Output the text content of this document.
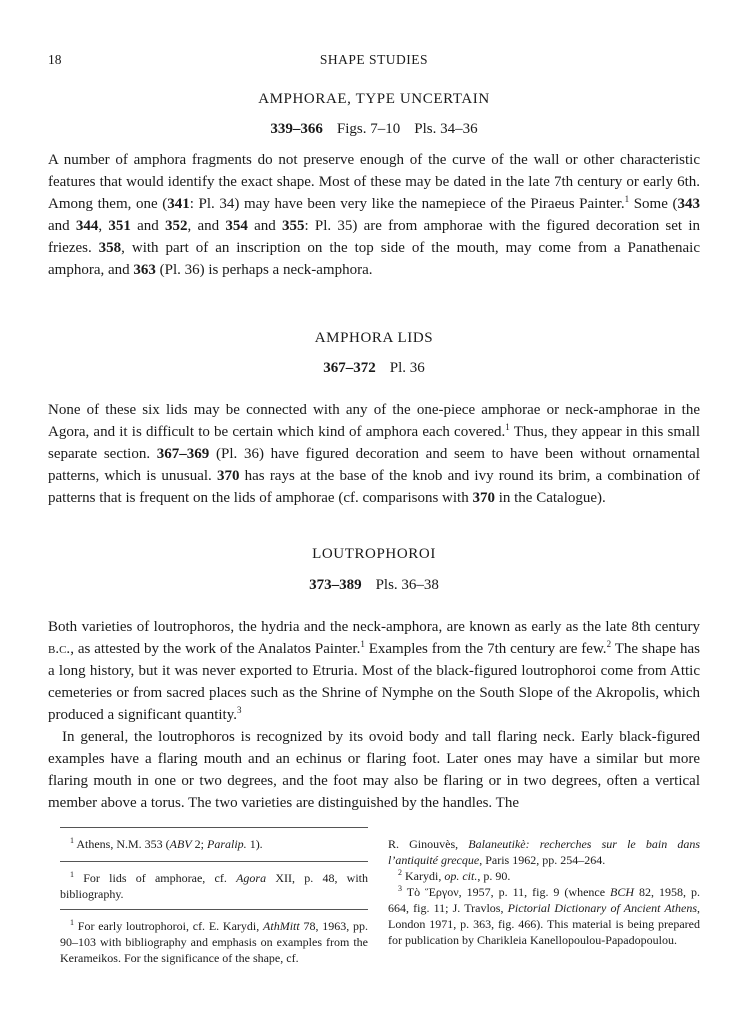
18	SHAPE STUDIES
AMPHORAE, TYPE UNCERTAIN
339–366 Figs. 7–10 Pls. 34–36

A number of amphora fragments do not preserve enough of the curve of the wall or other characteristic features that would identify the exact shape. Most of these may be dated in the late 7th century or early 6th. Among them, one (341: Pl. 34) may have been very like the namepiece of the Piraeus Painter.$^1$ Some (343 and 344, 351 and 352, and 354 and 355: Pl. 35) are from amphorae with the figured decoration set in friezes. 358, with part of an inscription on the top side of the mouth, may come from a Panathenaic amphora, and 363 (Pl. 36) is perhaps a neck-amphora.

AMPHORA LIDS
367–372 Pl. 36

None of these six lids may be connected with any of the one-piece amphorae or neck-amphorae in the Agora, and it is difficult to be certain which kind of amphora each covered.$^1$ Thus, they appear in this small separate section. 367–369 (Pl. 36) have figured decoration and seem to have been without ornamental patterns, which is unusual. 370 has rays at the base of the knob and ivy round its brim, a combination of patterns that is frequent on the lids of amphorae (cf. comparisons with 370 in the Catalogue).

LOUTROPHOROI
373–389 Pls. 36–38

Both varieties of loutrophoros, the hydria and the neck-amphora, are known as early as the late 8th century b.c., as attested by the work of the Analatos Painter.$^1$ Examples from the 7th century are few.$^2$ The shape has a long history, but it was never exported to Etruria. Most of the black-figured loutrophoroi come from Attic cemeteries or from sacred places such as the Shrine of Nymphe on the South Slope of the Akropolis, which produced a significant quantity.$^3$

In general, the loutrophoros is recognized by its ovoid body and tall flaring neck. Early black-figured examples have a flaring mouth and an echinus or flaring foot. Later ones may have a similar but more flaring mouth in one or two degrees, and the foot may also be flaring or in two degrees, often a vertical member above a torus. The two varieties are distinguished by the handles. The

$^1$ Athens, N.M. 353 (ABV 2; Paralip. 1).

$^1$ For lids of amphorae, cf. Agora XII, p. 48, with bibliography.

$^1$ For early loutrophoroi, cf. E. Karydi, AthMitt 78, 1963, pp. 90–103 with bibliography and emphasis on examples from the Kerameikos. For the significance of the shape, cf.

R. Ginouvès, Balaneutikè: recherches sur le bain dans l’antiquité grecque, Paris 1962, pp. 254–264.

$^2$ Karydi, op. cit., p. 90.

$^3$ Τὸ Ἕργον, 1957, p. 11, fig. 9 (whence BCH 82, 1958, p. 664, fig. 11; J. Travlos, Pictorial Dictionary of Ancient Athens, London 1971, p. 363, fig. 466). This material is being prepared for publication by Charikleia Kanellopoulou-Papadopoulou.
